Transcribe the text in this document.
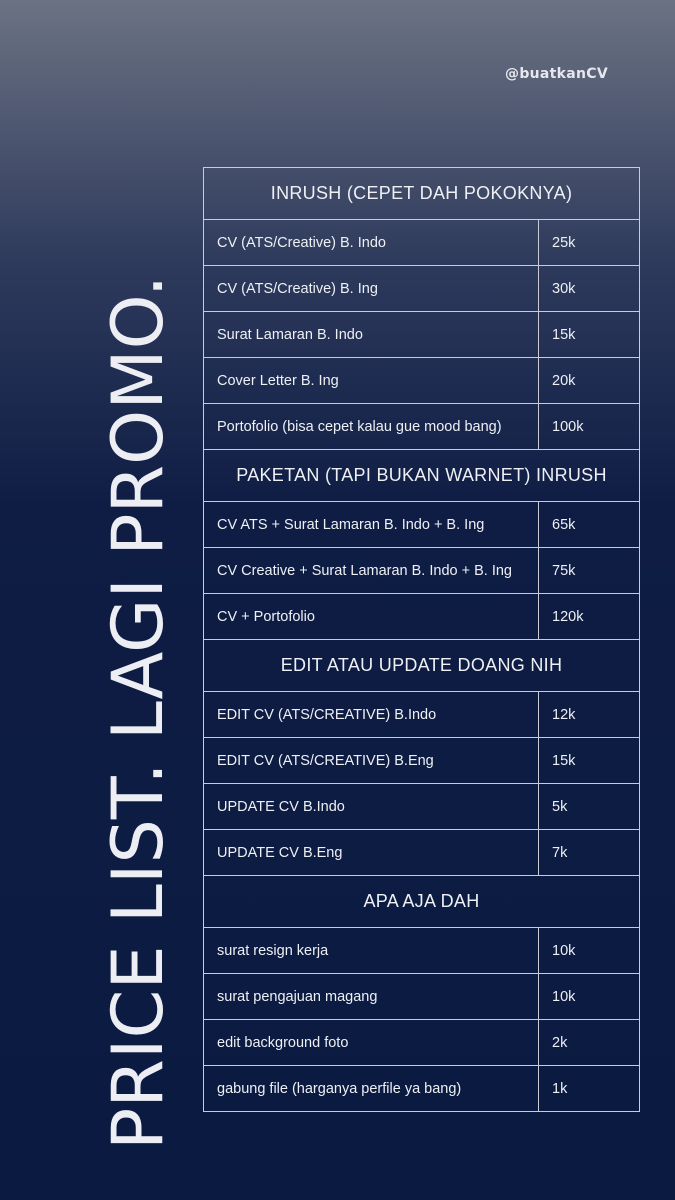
@buatkanCV
PRICE LIST. LAGI PROMO.
INRUSH (CEPET DAH POKOKNYA)	
CV (ATS/Creative) B. Indo	25k
CV (ATS/Creative) B. Ing	30k
Surat Lamaran B. Indo	15k
Cover Letter B. Ing	20k
Portofolio (bisa cepet kalau gue mood bang)	100k
PAKETAN (TAPI BUKAN WARNET) INRUSH	
CV ATS + Surat Lamaran B. Indo + B. Ing	65k
CV Creative + Surat Lamaran B. Indo + B. Ing	75k
CV + Portofolio	120k
EDIT ATAU UPDATE DOANG NIH	
EDIT CV (ATS/CREATIVE) B.Indo	12k
EDIT CV (ATS/CREATIVE) B.Eng	15k
UPDATE CV B.Indo	5k
UPDATE CV B.Eng	7k
APA AJA DAH	
surat resign kerja	10k
surat pengajuan magang	10k
edit background foto	2k
gabung file (harganya perfile ya bang)	1k
